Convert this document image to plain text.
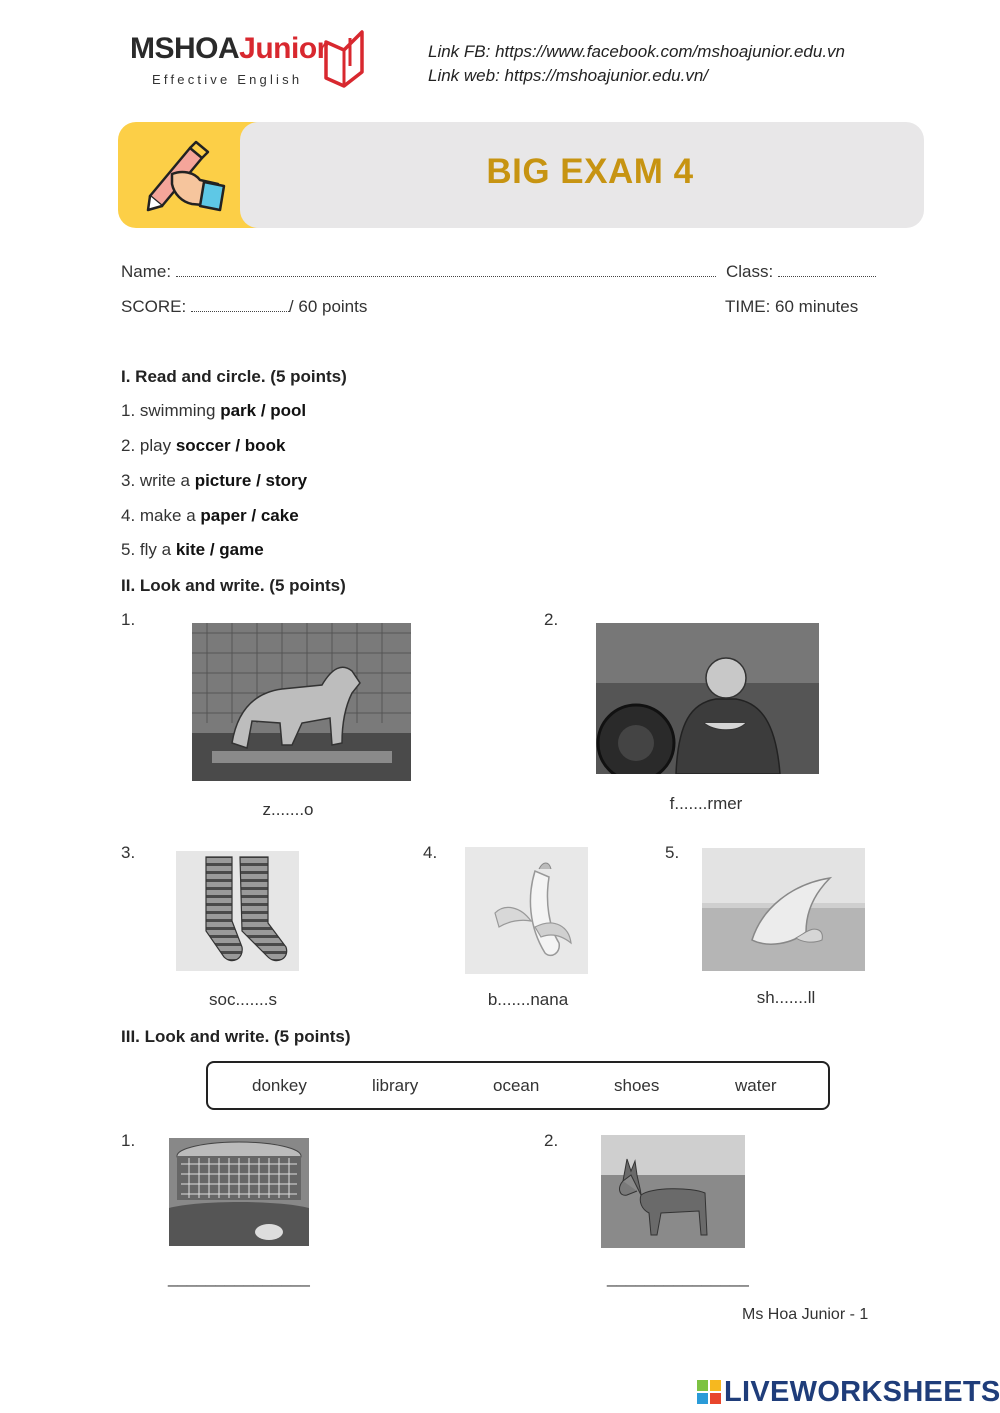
MSHOAJunior
Effective English
Link FB: https://www.facebook.com/mshoajunior.edu.vn
Link web: https://mshoajunior.edu.vn/
BIG EXAM 4
Name:	Class:
SCORE:	/ 60 points	TIME: 60 minutes
I. Read and circle. (5 points)
1. swimming park / pool
2. play soccer / book
3. write a picture / story
4. make a paper / cake
5. fly a kite / game
II. Look and write. (5 points)
1.
z.......o
2.
f.......rmer
3.
soc.......s
4.
b.......nana
5.
sh.......ll
III. Look and write. (5 points)
donkey	library	ocean	shoes	water
1.
_______________
2.
_______________
Ms Hoa Junior - 1
LIVEWORKSHEETS
